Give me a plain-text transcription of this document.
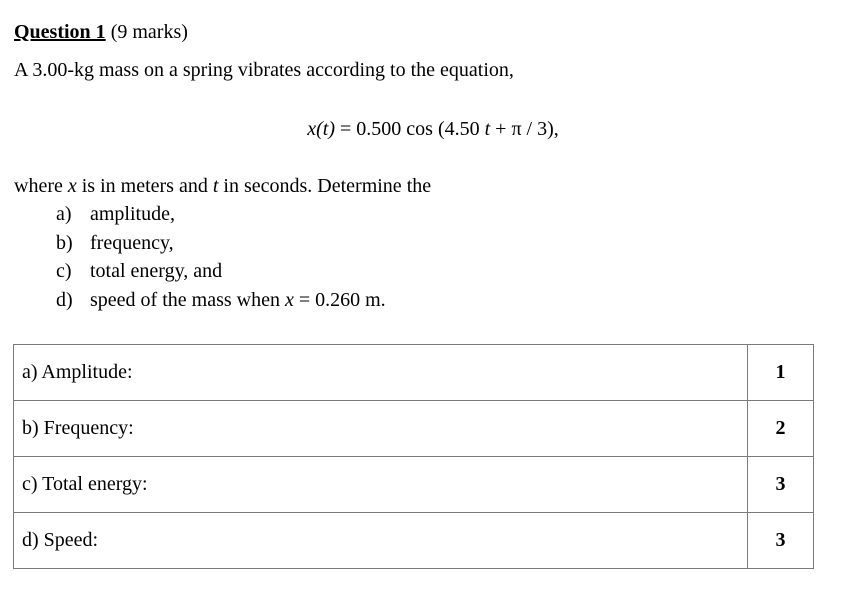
Question 1 (9 marks)
A 3.00-kg mass on a spring vibrates according to the equation,
x(t) = 0.500 cos (4.50 t + π / 3),
where x is in meters and t in seconds. Determine the
a) amplitude,
b) frequency,
c) total energy, and
d) speed of the mass when x = 0.260 m.
a) Amplitude:	1
b) Frequency:	2
c) Total energy:	3
d) Speed:	3
